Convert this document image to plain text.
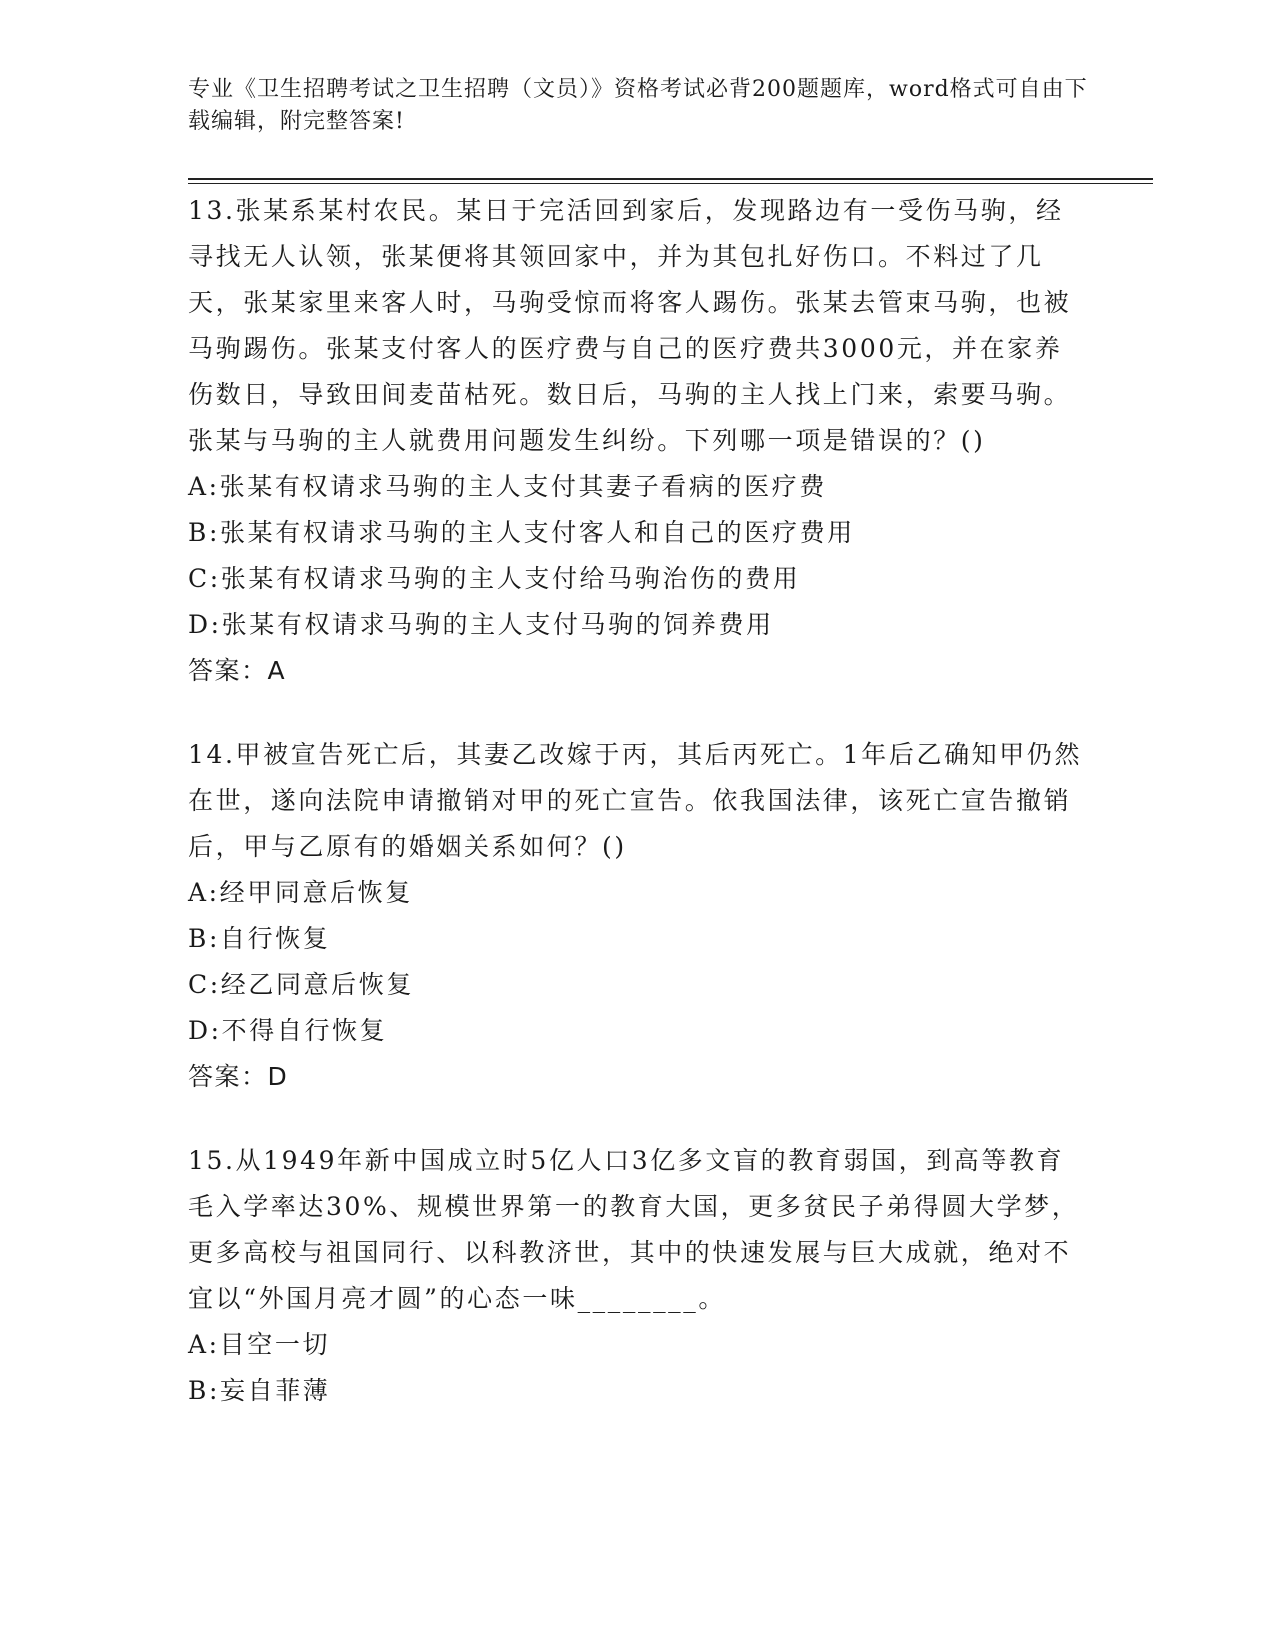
专业《卫生招聘考试之卫生招聘（文员）》资格考试必背200题题库，word格式可自由下载编辑，附完整答案!
13.张某系某村农民。某日于完活回到家后，发现路边有一受伤马驹，经寻找无人认领，张某便将其领回家中，并为其包扎好伤口。不料过了几天，张某家里来客人时，马驹受惊而将客人踢伤。张某去管束马驹，也被马驹踢伤。张某支付客人的医疗费与自己的医疗费共3000元，并在家养伤数日，导致田间麦苗枯死。数日后，马驹的主人找上门来，索要马驹。张某与马驹的主人就费用问题发生纠纷。下列哪一项是错误的？()
A:张某有权请求马驹的主人支付其妻子看病的医疗费
B:张某有权请求马驹的主人支付客人和自己的医疗费用
C:张某有权请求马驹的主人支付给马驹治伤的费用
D:张某有权请求马驹的主人支付马驹的饲养费用
答案：A
14.甲被宣告死亡后，其妻乙改嫁于丙，其后丙死亡。1年后乙确知甲仍然在世，遂向法院申请撤销对甲的死亡宣告。依我国法律，该死亡宣告撤销后，甲与乙原有的婚姻关系如何？()
A:经甲同意后恢复
B:自行恢复
C:经乙同意后恢复
D:不得自行恢复
答案：D
15.从1949年新中国成立时5亿人口3亿多文盲的教育弱国，到高等教育毛入学率达30%、规模世界第一的教育大国，更多贫民子弟得圆大学梦，更多高校与祖国同行、以科教济世，其中的快速发展与巨大成就，绝对不宜以“外国月亮才圆”的心态一味________。
A:目空一切
B:妄自菲薄
